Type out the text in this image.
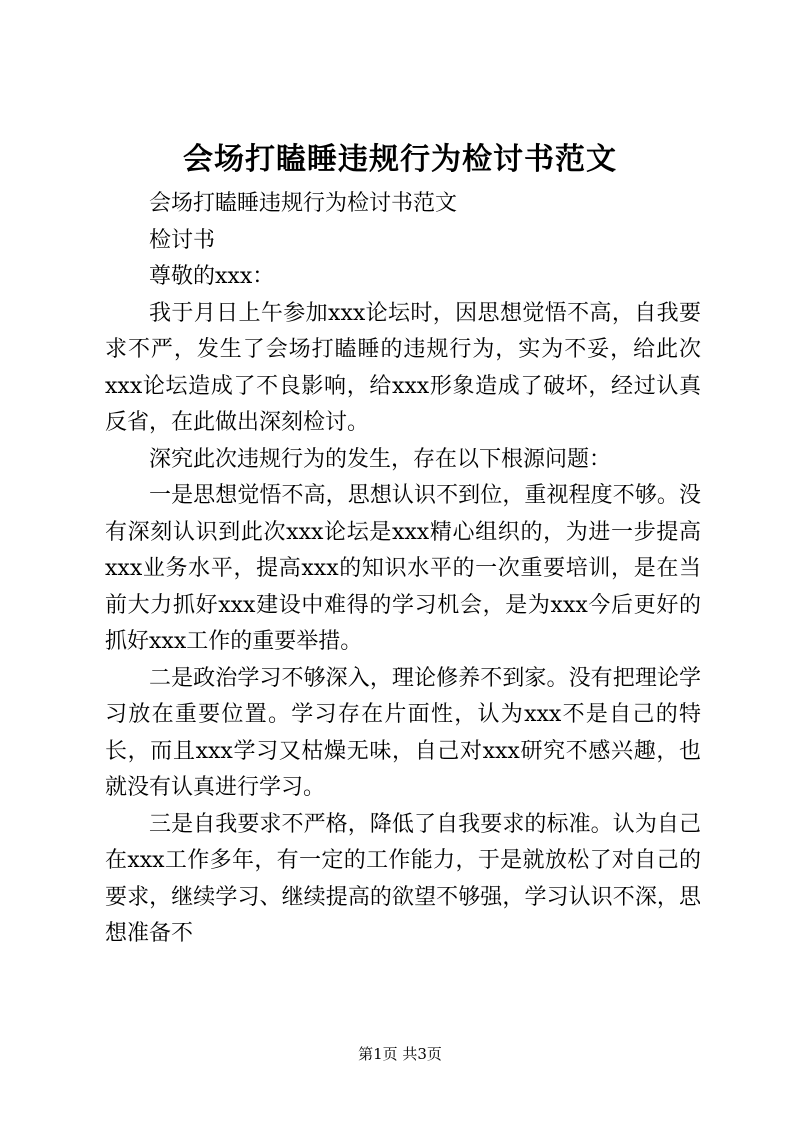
会场打瞌睡违规行为检讨书范文

会场打瞌睡违规行为检讨书范文

检讨书

尊敬的xxx：

我于月日上午参加xxx论坛时，因思想觉悟不高，自我要求不严，发生了会场打瞌睡的违规行为，实为不妥，给此次xxx论坛造成了不良影响，给xxx形象造成了破坏，经过认真反省，在此做出深刻检讨。

深究此次违规行为的发生，存在以下根源问题：

一是思想觉悟不高，思想认识不到位，重视程度不够。没有深刻认识到此次xxx论坛是xxx精心组织的，为进一步提高xxx业务水平，提高xxx的知识水平的一次重要培训，是在当前大力抓好xxx建设中难得的学习机会，是为xxx今后更好的抓好xxx工作的重要举措。

二是政治学习不够深入，理论修养不到家。没有把理论学习放在重要位置。学习存在片面性，认为xxx不是自己的特长，而且xxx学习又枯燥无味，自己对xxx研究不感兴趣，也就没有认真进行学习。

三是自我要求不严格，降低了自我要求的标准。认为自己在xxx工作多年，有一定的工作能力，于是就放松了对自己的要求，继续学习、继续提高的欲望不够强，学习认识不深，思想准备不

第1页 共3页
